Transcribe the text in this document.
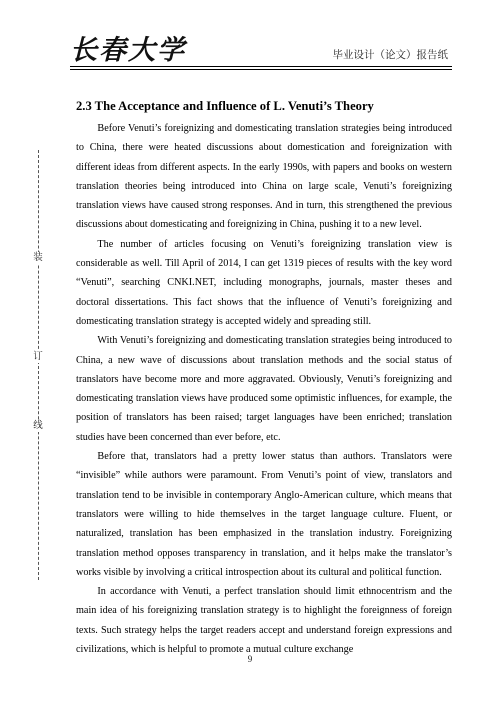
长春大学	毕业设计（论文）报告纸
装
订
线
2.3 The Acceptance and Influence of L. Venuti’s Theory

Before Venuti’s foreignizing and domesticating translation strategies being introduced to China, there were heated discussions about domestication and foreignization with different ideas from different aspects. In the early 1990s, with papers and books on western translation theories being introduced into China on large scale, Venuti’s foreignizing translation views have caused strong responses. And in turn, this strengthened the previous discussions about domesticating and foreignizing in China, pushing it to a new level.

The number of articles focusing on Venuti’s foreignizing translation view is considerable as well. Till April of 2014, I can get 1319 pieces of results with the key word “Venuti”, searching CNKI.NET, including monographs, journals, master theses and doctoral dissertations. This fact shows that the influence of Venuti’s foreignizing and domesticating translation strategy is accepted widely and spreading still.

With Venuti’s foreignizing and domesticating translation strategies being introduced to China, a new wave of discussions about translation methods and the social status of translators have become more and more aggravated. Obviously, Venuti’s foreignizing and domesticating translation views have produced some optimistic influences, for example, the position of translators has been raised; target languages have been enriched; translation studies have been concerned than ever before, etc.

Before that, translators had a pretty lower status than authors. Translators were “invisible” while authors were paramount. From Venuti’s point of view, translators and translation tend to be invisible in contemporary Anglo-American culture, which means that translators were willing to hide themselves in the target language culture. Fluent, or naturalized, translation has been emphasized in the translation industry. Foreignizing translation method opposes transparency in translation, and it helps make the translator’s works visible by involving a critical introspection about its cultural and political function.

In accordance with Venuti, a perfect translation should limit ethnocentrism and the main idea of his foreignizing translation strategy is to highlight the foreignness of foreign texts. Such strategy helps the target readers accept and understand foreign expressions and civilizations, which is helpful to promote a mutual culture exchange

9
